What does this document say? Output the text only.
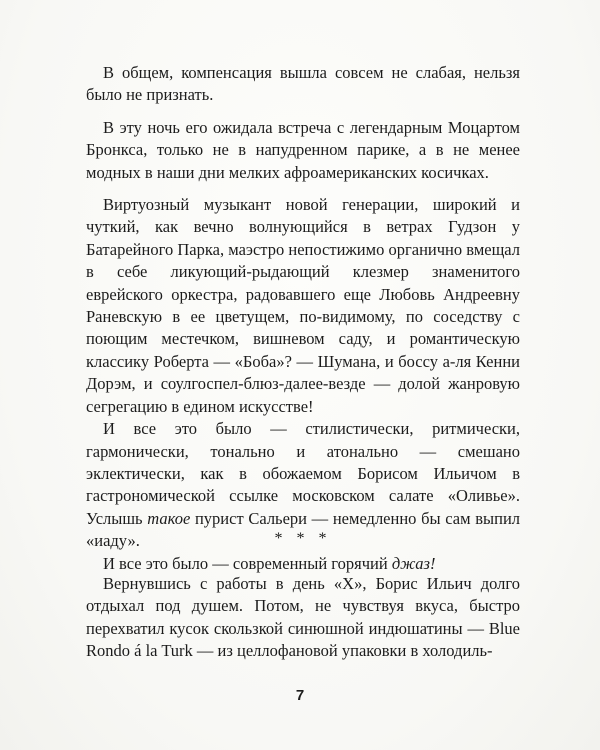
В общем, компенсация вышла совсем не слабая, нельзя было не признать.

В эту ночь его ожидала встреча с легендарным Моцартом Бронкса, только не в напудренном парике, а в не менее модных в наши дни мелких афроамериканских косичках.

Виртуозный музыкант новой генерации, широкий и чуткий, как вечно волнующийся в ветрах Гудзон у Батарейного Парка, маэстро непостижимо органично вмещал в себе ликующий-рыдающий клезмер знаменитого еврейского оркестра, радовавшего еще Любовь Андреевну Раневскую в ее цветущем, по-видимому, по соседству с поющим местечком, вишневом саду, и романтическую классику Роберта — «Боба»? — Шумана, и боссу а-ля Кенни Дорэм, и соулгоспел-блюз-далее-везде — долой жанровую сегрегацию в едином искусстве!

И все это было — стилистически, ритмически, гармонически, тонально и атонально — смешано эклектически, как в обожаемом Борисом Ильичом в гастрономической ссылке московском салате «Оливье». Услышь такое пурист Сальери — немедленно бы сам выпил «иаду».

И все это было — современный горячий джаз!

* * *

Вернувшись с работы в день «Х», Борис Ильич долго отдыхал под душем. Потом, не чувствуя вкуса, быстро перехватил кусок скользкой синюшной индюшатины — Blue Rondo á la Turk — из целлофановой упаковки в холодиль-

7
